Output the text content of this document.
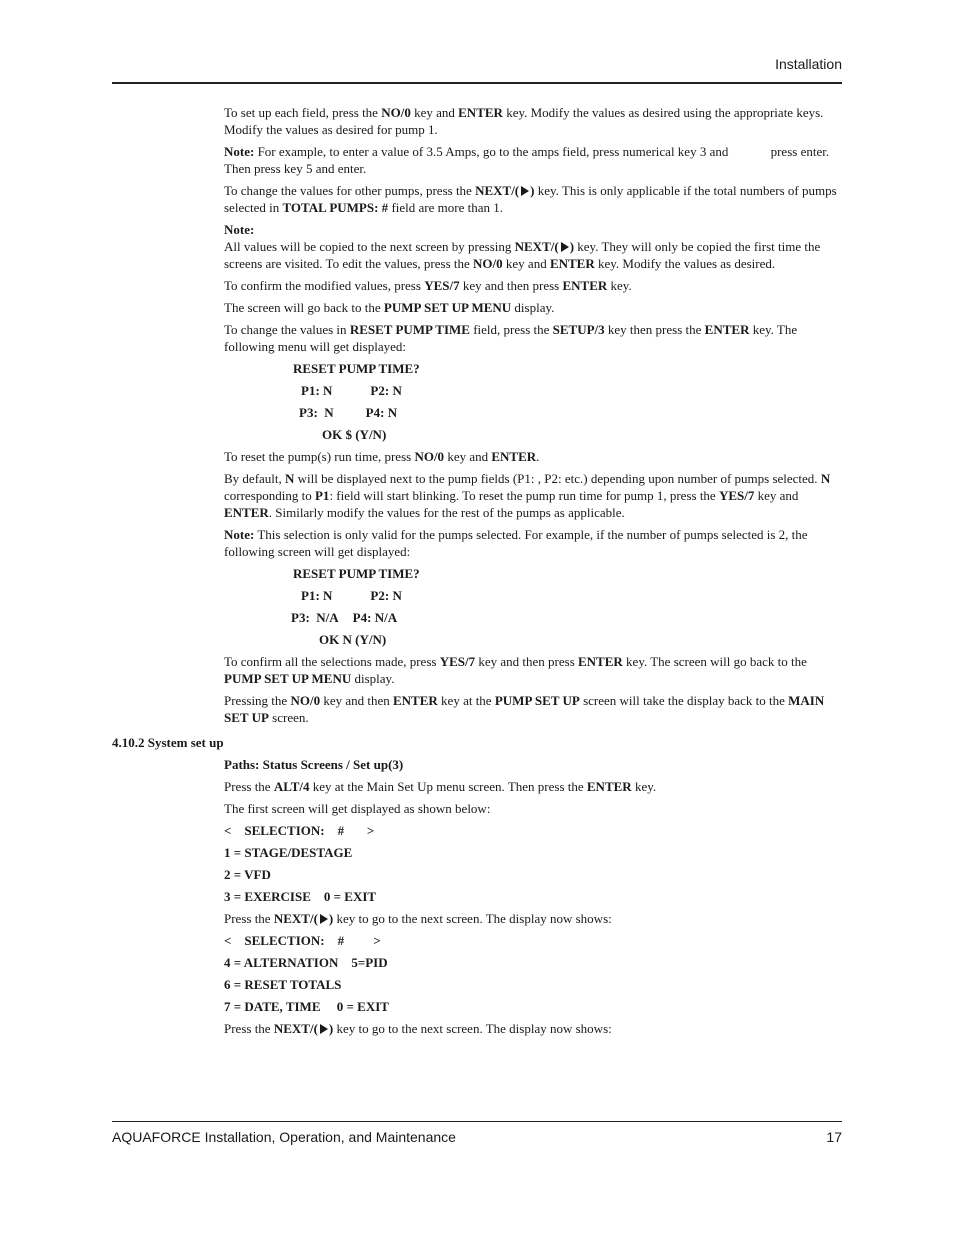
Installation

To set up each field, press the NO/0 key and ENTER key. Modify the values as desired using the appropriate keys. Modify the values as desired for pump 1.

Note: For example, to enter a value of 3.5 Amps, go to the amps field, press numerical key 3 and             press enter. Then press key 5 and enter.

To change the values for other pumps, press the NEXT/( ) key. This is only applicable if the total numbers of pumps selected in TOTAL PUMPS: # field are more than 1.

Note:

All values will be copied to the next screen by pressing NEXT/( ) key. They will only be copied the first time the screens are visited. To edit the values, press the NO/0 key and ENTER key. Modify the values as desired.

To confirm the modified values, press YES/7 key and then press ENTER key.

The screen will go back to the PUMP SET UP MENU display.

To change the values in RESET PUMP TIME field, press the SETUP/3 key then press the ENTER key. The following menu will get displayed:

RESET PUMP TIME?
P1: N	P2: N
P3:  N P4: N
OK $ (Y/N)

To reset the pump(s) run time, press NO/0 key and ENTER.

By default, N will be displayed next to the pump fields (P1: , P2: etc.) depending upon number of pumps selected. N corresponding to P1: field will start blinking. To reset the pump run time for pump 1, press the YES/7 key and ENTER. Similarly modify the values for the rest of the pumps as applicable.

Note: This selection is only valid for the pumps selected. For example, if the number of pumps selected is 2, the following screen will get displayed:

RESET PUMP TIME?
P1: N	P2: N
P3:  N/A P4: N/A
OK N (Y/N)

To confirm all the selections made, press YES/7 key and then press ENTER key. The screen will go back to the PUMP SET UP MENU display.

Pressing the NO/0 key and then ENTER key at the PUMP SET UP screen will take the display back to the MAIN SET UP screen.

4.10.2 System set up
Paths: Status Screens / Set up(3)

Press the ALT/4 key at the Main Set Up menu screen. Then press the ENTER key.

The first screen will get displayed as shown below:

<    SELECTION:    #       >
1 = STAGE/DESTAGE
2 = VFD
3 = EXERCISE    0 = EXIT

Press the NEXT/( ) key to go to the next screen. The display now shows:

<    SELECTION:    #         >
4 = ALTERNATION    5=PID
6 = RESET TOTALS
7 = DATE, TIME     0 = EXIT

Press the NEXT/( ) key to go to the next screen. The display now shows:

AQUAFORCE Installation, Operation, and Maintenance	17
